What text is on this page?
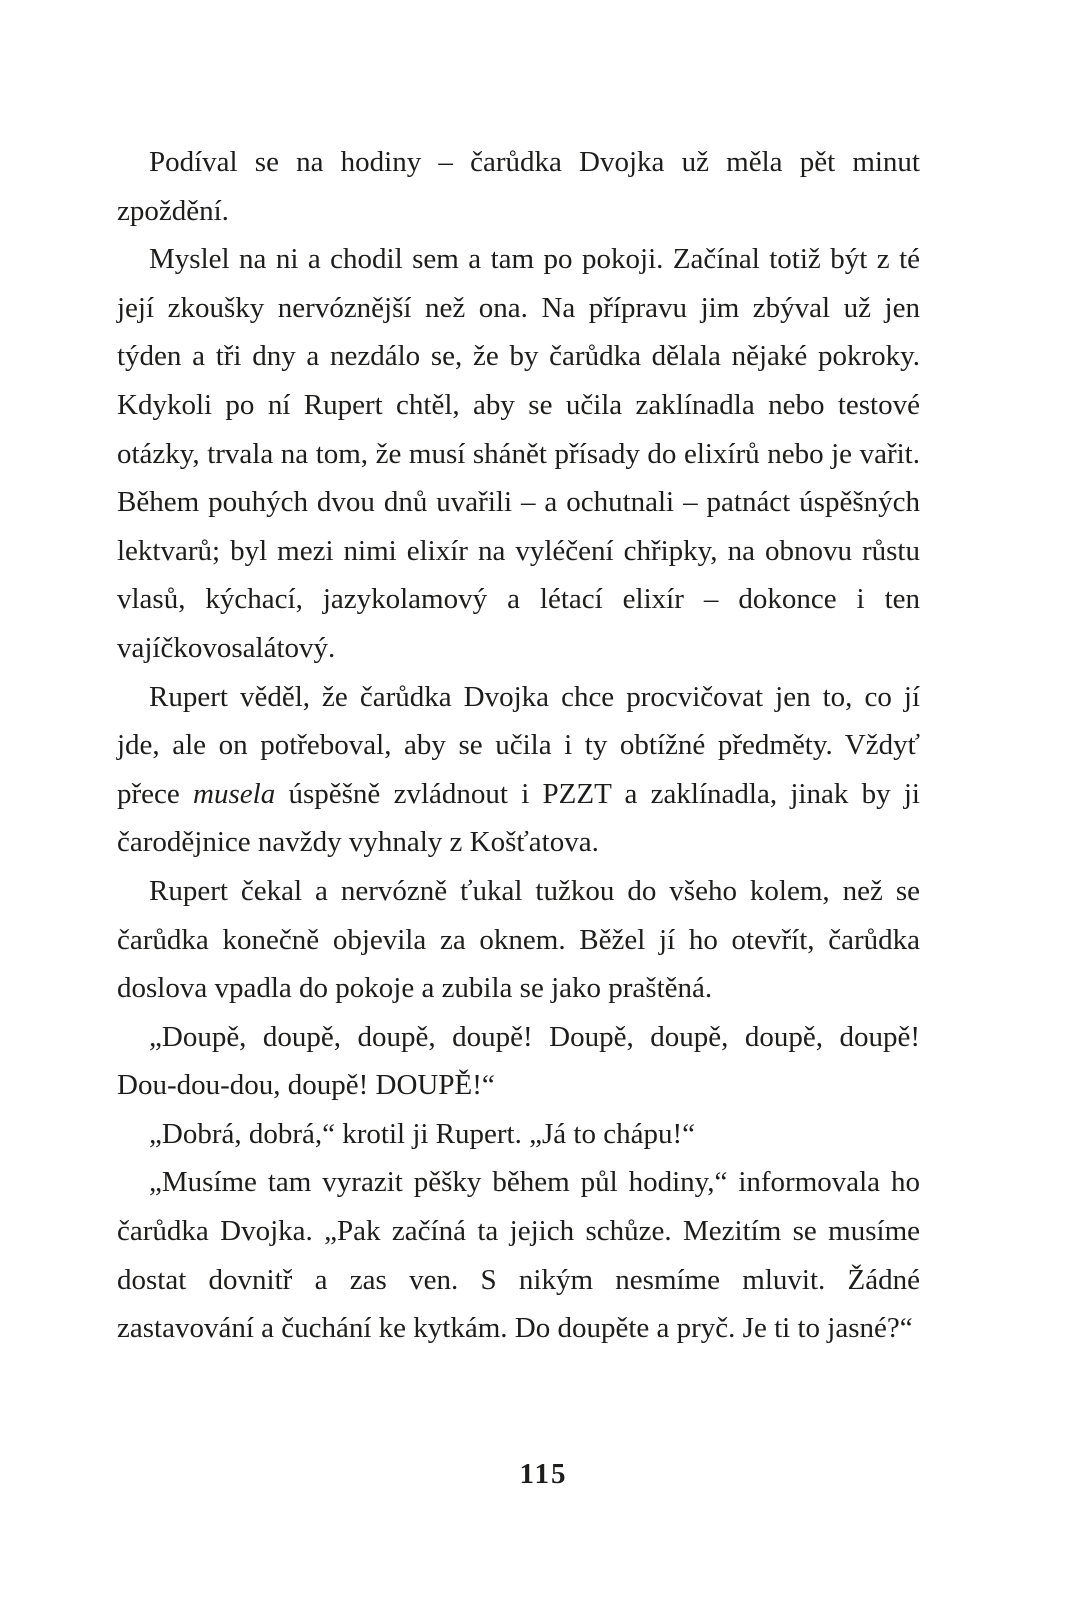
Podíval se na hodiny – čarůdka Dvojka už měla pět minut zpoždění.

Myslel na ni a chodil sem a tam po pokoji. Začínal totiž být z té její zkoušky nervóznější než ona. Na přípravu jim zbýval už jen týden a tři dny a nezdálo se, že by čarůdka dělala nějaké pokroky. Kdykoli po ní Rupert chtěl, aby se učila zaklínadla nebo testové otázky, trvala na tom, že musí shánět přísady do elixírů nebo je vařit. Během pouhých dvou dnů uvařili – a ochutnali – patnáct úspěšných lektvarů; byl mezi nimi elixír na vyléčení chřipky, na obnovu růstu vlasů, kýchací, jazykolamový a létací elixír – dokonce i ten vajíčkovosalátový.

Rupert věděl, že čarůdka Dvojka chce procvičovat jen to, co jí jde, ale on potřeboval, aby se učila i ty obtížné předměty. Vždyť přece musela úspěšně zvládnout i PZZT a zaklínadla, jinak by ji čarodějnice navždy vyhnaly z Košťatova.

Rupert čekal a nervózně ťukal tužkou do všeho kolem, než se čarůdka konečně objevila za oknem. Běžel jí ho otevřít, čarůdka doslova vpadla do pokoje a zubila se jako praštěná.

„Doupě, doupě, doupě, doupě! Doupě, doupě, doupě, doupě! Dou-dou-dou, doupě! DOUPĚ!“

„Dobrá, dobrá,“ krotil ji Rupert. „Já to chápu!“

„Musíme tam vyrazit pěšky během půl hodiny,“ informovala ho čarůdka Dvojka. „Pak začíná ta jejich schůze. Mezitím se musíme dostat dovnitř a zas ven. S nikým nesmíme mluvit. Žádné zastavování a čuchání ke kytkám. Do doupěte a pryč. Je ti to jasné?“

115
